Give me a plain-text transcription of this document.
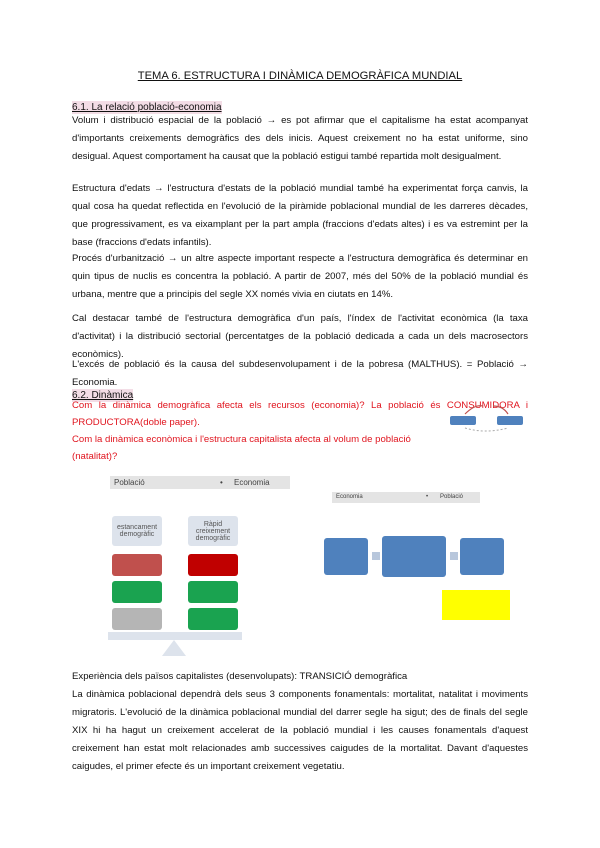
TEMA 6. ESTRUCTURA I DINÀMICA DEMOGRÀFICA MUNDIAL
6.1. La relació població-economia
Volum i distribució espacial de la població → es pot afirmar que el capitalisme ha estat acompanyat d'importants creixements demogràfics des dels inicis. Aquest creixement no ha estat uniforme, sino desigual. Aquest comportament ha causat que la població estigui també repartida molt desigualment.
Estructura d'edats → l'estructura d'estats de la població mundial també ha experimentat força canvis, la qual cosa ha quedat reflectida en l'evolució de la piràmide poblacional mundial de les darreres dècades, que progressivament, es va eixamplant per la part ampla (fraccions d'edats altes) i es va estremint per la base (fraccions d'edats infantils).
Procés d'urbanització → un altre aspecte important respecte a l'estructura demogràfica és determinar en quin tipus de nuclis es concentra la població. A partir de 2007, més del 50% de la població mundial és urbana, mentre que a principis del segle XX només vivia en ciutats en 14%.
Cal destacar també de l'estructura demogràfica d'un país, l'índex de l'activitat econòmica (la taxa d'activitat) i la distribució sectorial (percentatges de la població dedicada a cada un dels macrosectors econòmics).
L'excés de població és la causa del subdesenvolupament i de la pobresa (MALTHUS). = Població → Economia.
6.2. Dinàmica
Com la dinàmica demogràfica afecta els recursos (economia)? La població és CONSUMIDORA i PRODUCTORA(doble paper).
Com la dinàmica econòmica i l'estructura capitalista afecta al volum de població (natalitat)?
Població	• Economia
estancament demogràfic
Ràpid creixement demogràfic
Economia	• Població
Experiència dels països capitalistes (desenvolupats): TRANSICIÓ demogràfica
La dinàmica poblacional dependrà dels seus 3 components fonamentals: mortalitat, natalitat i moviments migratoris. L'evolució de la dinàmica poblacional mundial del darrer segle ha sigut; des de finals del segle XIX hi ha hagut un creixement accelerat de la població mundial i les causes fonamentals d'aquest creixement han estat molt relacionades amb successives caigudes de la mortalitat. Davant d'aquestes caigudes, el primer efecte és un important creixement vegetatiu.
